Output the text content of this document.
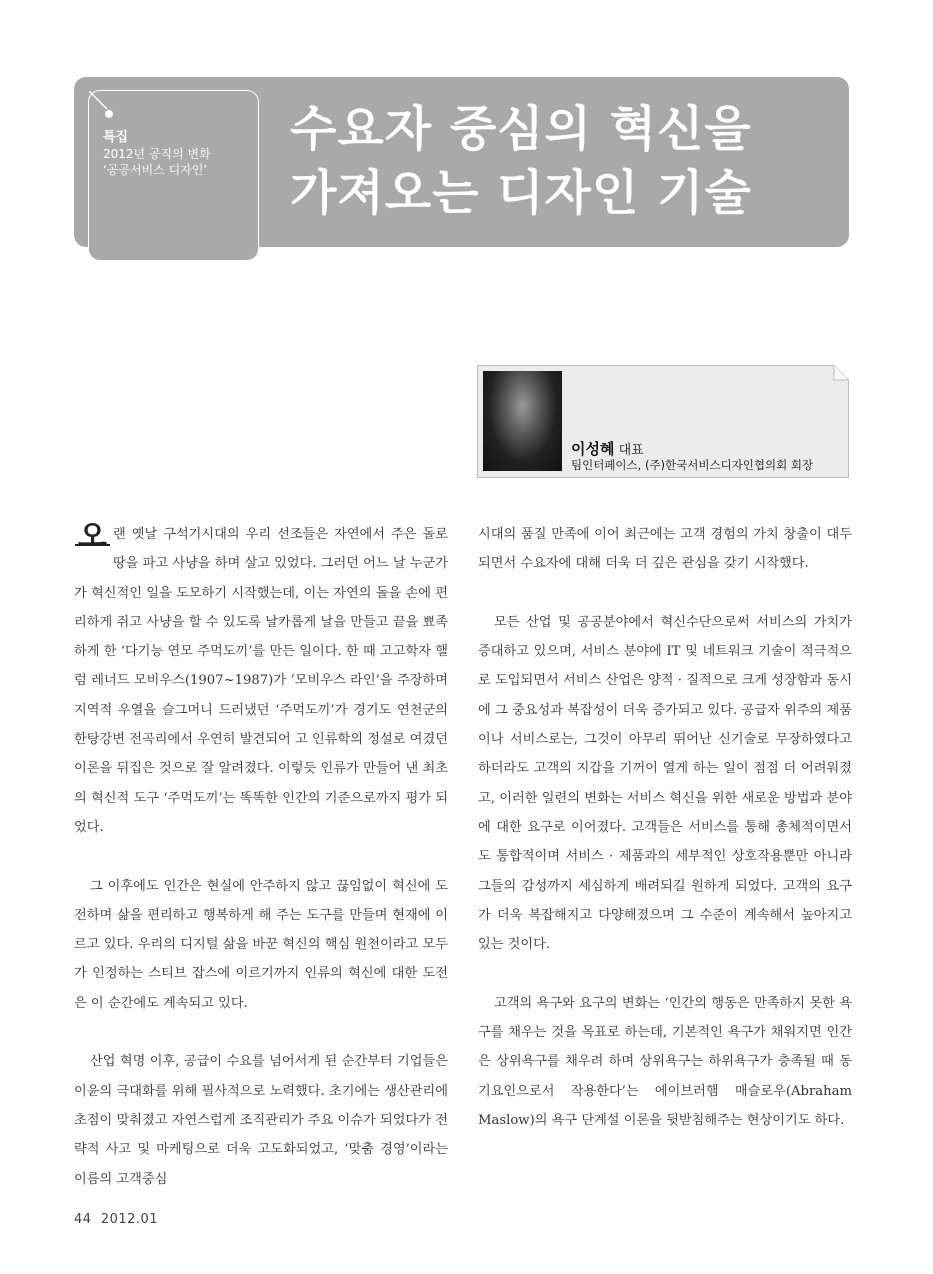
특집
2012년 공직의 변화
‘공공서비스 디자인’
수요자 중심의 혁신을
가져오는 디자인 기술
이성혜 대표
팀인터페이스, (주)한국서비스디자인협의회 회장

오랜 옛날 구석기시대의 우리 선조들은 자연에서 주은 돌로 땅을 파고 사냥을 하며 살고 있었다. 그러던 어느 날 누군가가 혁신적인 일을 도모하기 시작했는데, 이는 자연의 돌을 손에 편리하게 쥐고 사냥을 할 수 있도록 날카롭게 날을 만들고 끝을 뾰족하게 한 ‘다기능 연모 주먹도끼’를 만든 일이다. 한 때 고고학자 핼럼 레너드 모비우스(1907~1987)가 ‘모비우스 라인’을 주장하며 지역적 우열을 슬그머니 드러냈던 ‘주먹도끼’가 경기도 연천군의 한탕강변 전곡리에서 우연히 발견되어 고 인류학의 정설로 여겼던 이론을 뒤집은 것으로 잘 알려졌다. 이렇듯 인류가 만들어 낸 최초의 혁신적 도구 ‘주먹도끼’는 똑똑한 인간의 기준으로까지 평가 되었다.

그 이후에도 인간은 현실에 안주하지 않고 끊임없이 혁신에 도전하며 삶을 편리하고 행복하게 해 주는 도구를 만들며 현재에 이르고 있다. 우리의 디지털 삶을 바꾼 혁신의 핵심 원천이라고 모두가 인정하는 스티브 잡스에 이르기까지 인류의 혁신에 대한 도전은 이 순간에도 계속되고 있다.

산업 혁명 이후, 공급이 수요를 넘어서게 된 순간부터 기업들은 이윤의 극대화를 위해 필사적으로 노력했다. 초기에는 생산관리에 초점이 맞춰졌고 자연스럽게 조직관리가 주요 이슈가 되었다가 전략적 사고 및 마케팅으로 더욱 고도화되었고, ‘맞춤 경영’이라는 이름의 고객중심

시대의 품질 만족에 이어 최근에는 고객 경험의 가치 창출이 대두되면서 수요자에 대해 더욱 더 깊은 관심을 갖기 시작했다.

모든 산업 및 공공분야에서 혁신수단으로써 서비스의 가치가 증대하고 있으며, 서비스 분야에 IT 및 네트워크 기술이 적극적으로 도입되면서 서비스 산업은 양적 · 질적으로 크게 성장함과 동시에 그 중요성과 복잡성이 더욱 증가되고 있다. 공급자 위주의 제품이나 서비스로는, 그것이 아무리 뛰어난 신기술로 무장하였다고 하더라도 고객의 지갑을 기꺼이 열게 하는 일이 점점 더 어려워졌고, 이러한 일련의 변화는 서비스 혁신을 위한 새로운 방법과 분야에 대한 요구로 이어졌다. 고객들은 서비스를 통해 총체적이면서도 통합적이며 서비스 · 제품과의 세부적인 상호작용뿐만 아니라 그들의 감성까지 세심하게 배려되길 원하게 되었다. 고객의 요구가 더욱 복잡해지고 다양해졌으며 그 수준이 계속해서 높아지고 있는 것이다.

고객의 욕구와 요구의 변화는 ‘인간의 행동은 만족하지 못한 욕구를 채우는 것을 목표로 하는데, 기본적인 욕구가 채워지면 인간은 상위욕구를 채우려 하며 상위욕구는 하위욕구가 충족될 때 동기요인으로서 작용한다’는 에이브러햄 매슬로우(Abraham Maslow)의 욕구 단계설 이론을 뒷받침해주는 현상이기도 하다.

44 2012.01
